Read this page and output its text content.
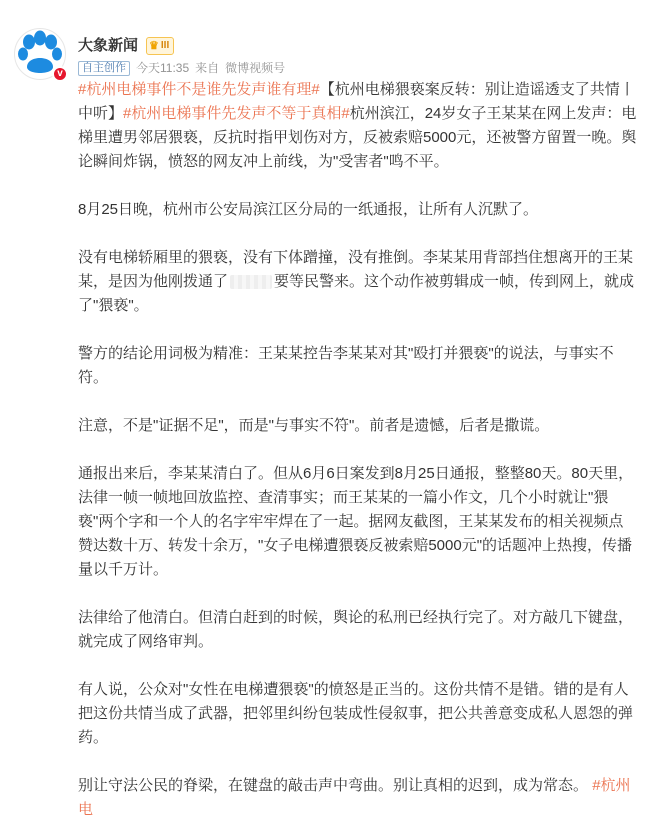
v
大象新闻 ♛ III
自主创作 今天11:35 来自 微博视频号

#杭州电梯事件不是谁先发声谁有理#【杭州电梯猥亵案反转：别让造谣透支了共情丨中听】#杭州电梯事件先发声不等于真相#杭州滨江，24岁女子王某某在网上发声：电梯里遭男邻居猥亵，反抗时指甲划伤对方，反被索赔5000元，还被警方留置一晚。舆论瞬间炸锅，愤怒的网友冲上前线，为"受害者"鸣不平。

8月25日晚，杭州市公安局滨江区分局的一纸通报，让所有人沉默了。

没有电梯轿厢里的猥亵，没有下体蹭撞，没有推倒。李某某用背部挡住想离开的王某某，是因为他刚拨通了	要等民警来。这个动作被剪辑成一帧，传到网上，就成了"猥亵"。

警方的结论用词极为精准：王某某控告李某某对其"殴打并猥亵"的说法，与事实不符。

注意，不是"证据不足"，而是"与事实不符"。前者是遗憾，后者是撒谎。

通报出来后，李某某清白了。但从6月6日案发到8月25日通报，整整80天。80天里，法律一帧一帧地回放监控、查清事实；而王某某的一篇小作文，几个小时就让"猥亵"两个字和一个人的名字牢牢焊在了一起。据网友截图，王某某发布的相关视频点赞达数十万、转发十余万，"女子电梯遭猥亵反被索赔5000元"的话题冲上热搜，传播量以千万计。

法律给了他清白。但清白赶到的时候，舆论的私刑已经执行完了。对方敲几下键盘，就完成了网络审判。

有人说，公众对"女性在电梯遭猥亵"的愤怒是正当的。这份共情不是错。错的是有人把这份共情当成了武器，把邻里纠纷包装成性侵叙事，把公共善意变成私人恩怨的弹药。

别让守法公民的脊梁，在键盘的敲击声中弯曲。别让真相的迟到，成为常态。 #杭州电
